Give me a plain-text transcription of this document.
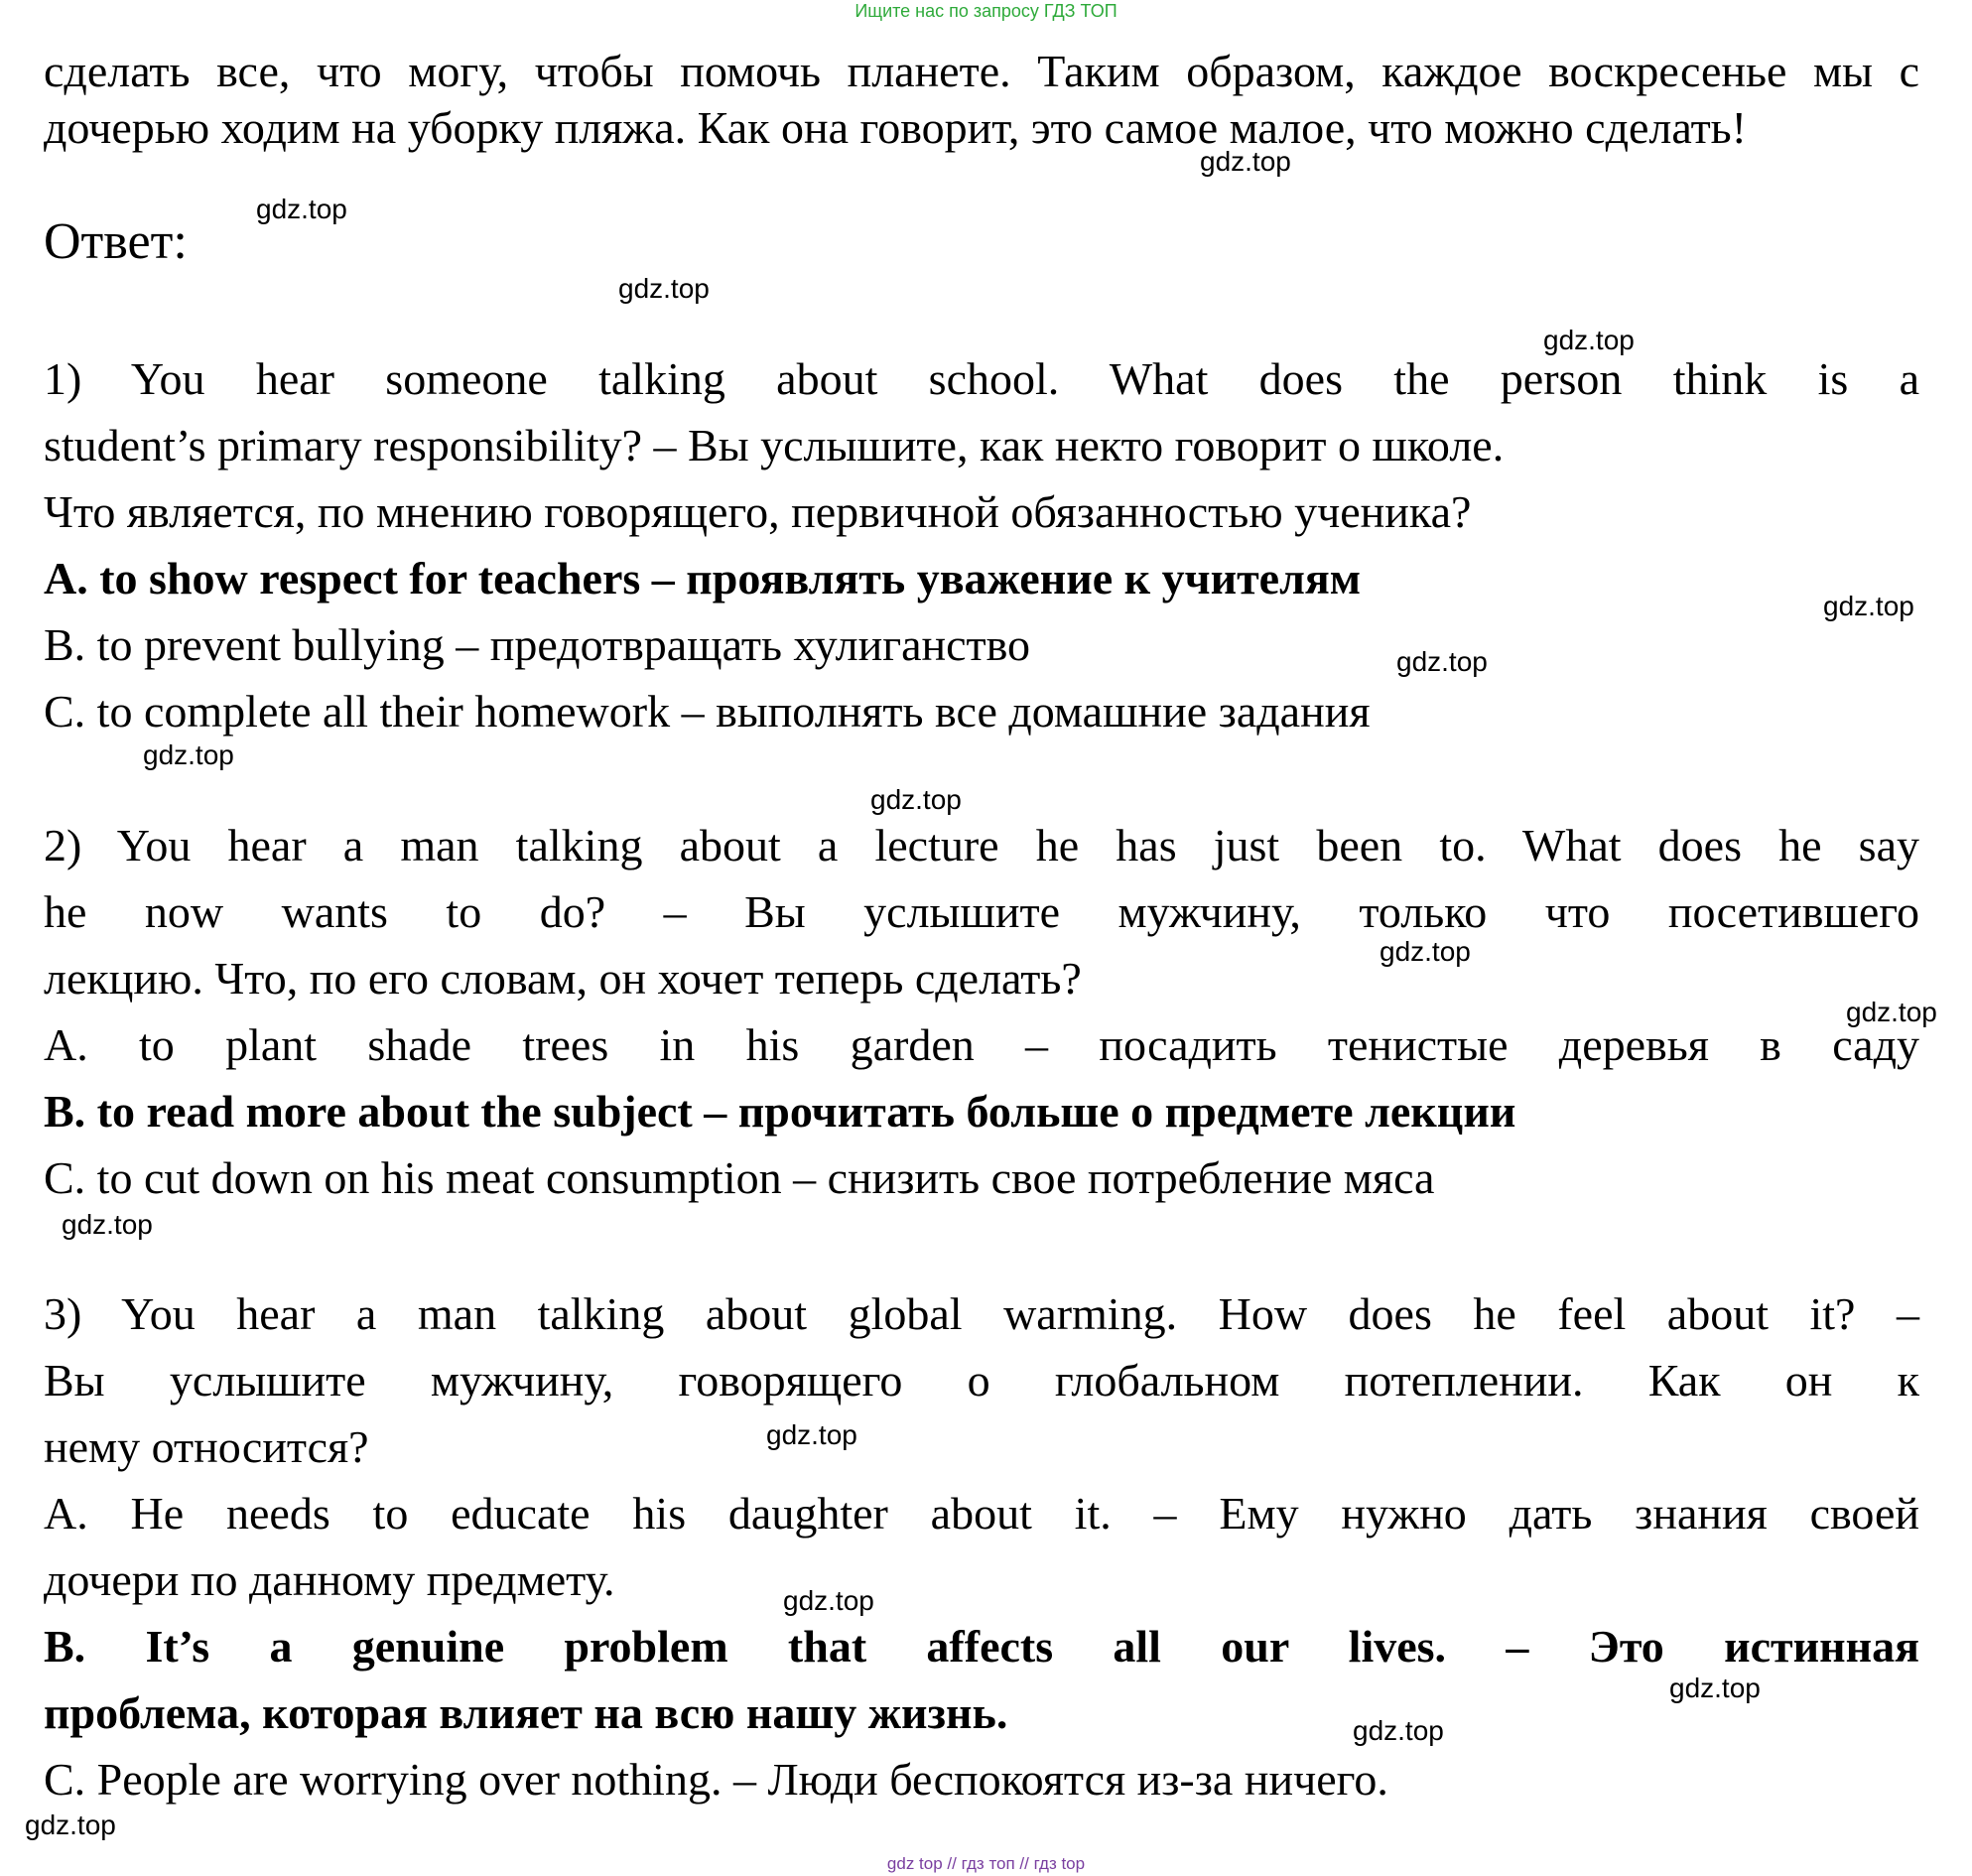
Ищите нас по запросу ГДЗ ТОП
сделать все, что могу, чтобы помочь планете. Таким образом, каждое воскресенье мы с
дочерью ходим на уборку пляжа. Как она говорит, это самое малое, что можно сделать!
Ответ:
1) You hear someone talking about school. What does the person think is a
student’s primary responsibility? – Вы услышите, как некто говорит о школе.
Что является, по мнению говорящего, первичной обязанностью ученика?
A. to show respect for teachers – проявлять уважение к учителям
B. to prevent bullying – предотвращать хулиганство
C. to complete all their homework – выполнять все домашние задания
2) You hear a man talking about a lecture he has just been to. What does he say
he now wants to do? – Вы услышите мужчину, только что посетившего
лекцию. Что, по его словам, он хочет теперь сделать?
A. to plant shade trees in his garden – посадить тенистые деревья в саду
B. to read more about the subject – прочитать больше о предмете лекции
C. to cut down on his meat consumption – снизить свое потребление мяса
3) You hear a man talking about global warming. How does he feel about it? –
Вы услышите мужчину, говорящего о глобальном потеплении. Как он к
нему относится?
A. He needs to educate his daughter about it. – Ему нужно дать знания своей
дочери по данному предмету.
B. It’s a genuine problem that affects all our lives. – Это истинная
проблема, которая влияет на всю нашу жизнь.
C. People are worrying over nothing. – Люди беспокоятся из-за ничего.
gdz.top
gdz.top
gdz.top
gdz.top
gdz.top
gdz.top
gdz.top
gdz.top
gdz.top
gdz.top
gdz.top
gdz.top
gdz.top
gdz.top
gdz.top
gdz.top
gdz top // гдз топ // гдз top
